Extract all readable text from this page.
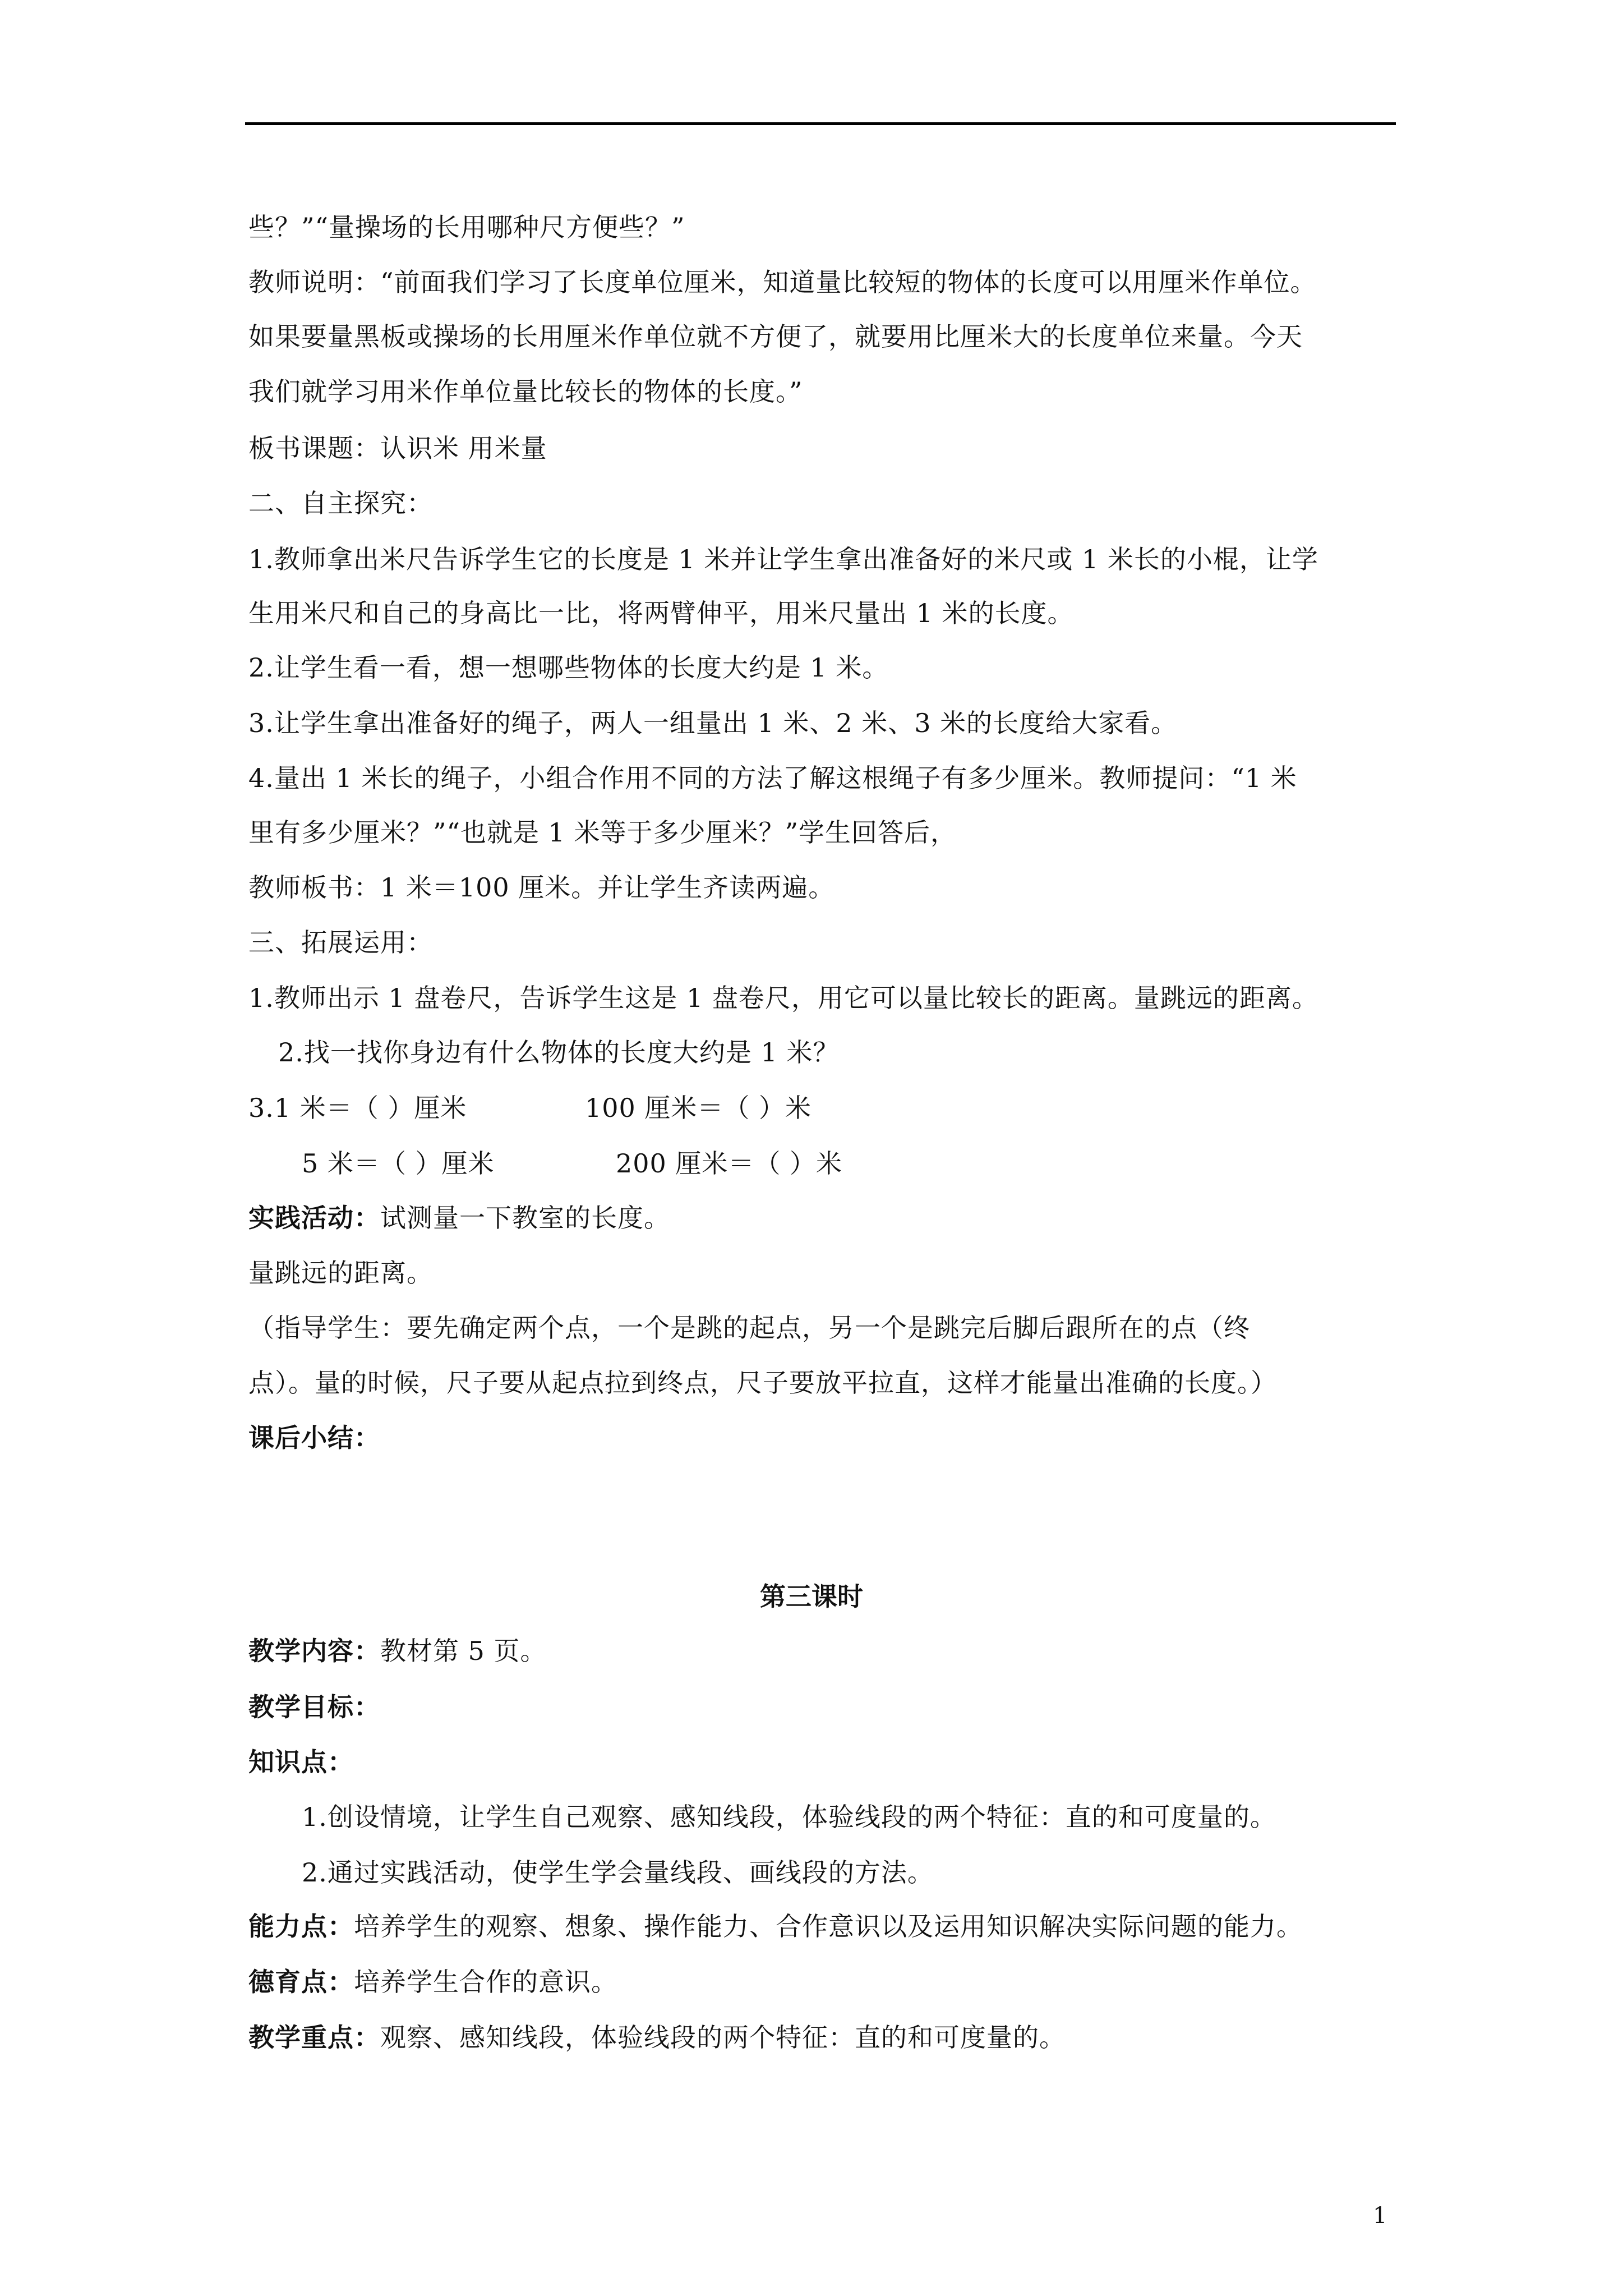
些？”“量操场的长用哪种尺方便些？”
教师说明：“前面我们学习了长度单位厘米，知道量比较短的物体的长度可以用厘米作单位。
如果要量黑板或操场的长用厘米作单位就不方便了，就要用比厘米大的长度单位来量。今天
我们就学习用米作单位量比较长的物体的长度。”
板书课题：认识米 用米量
二、自主探究：
1.教师拿出米尺告诉学生它的长度是 1 米并让学生拿出准备好的米尺或 1 米长的小棍，让学
生用米尺和自己的身高比一比，将两臂伸平，用米尺量出 1 米的长度。
2.让学生看一看，想一想哪些物体的长度大约是 1 米。
3.让学生拿出准备好的绳子，两人一组量出 1 米、2 米、3 米的长度给大家看。
4.量出 1 米长的绳子，小组合作用不同的方法了解这根绳子有多少厘米。教师提问：“1 米
里有多少厘米？”“也就是 1 米等于多少厘米？”学生回答后，
教师板书：1 米＝100 厘米。并让学生齐读两遍。
三、拓展运用：
1.教师出示 1 盘卷尺，告诉学生这是 1 盘卷尺，用它可以量比较长的距离。量跳远的距离。
2.找一找你身边有什么物体的长度大约是 1 米？
3.1 米＝（ ）厘米	100 厘米＝（ ）米
5 米＝（ ）厘米	200 厘米＝（ ）米
实践活动：试测量一下教室的长度。
量跳远的距离。
（指导学生：要先确定两个点，一个是跳的起点，另一个是跳完后脚后跟所在的点（终
点）。量的时候，尺子要从起点拉到终点，尺子要放平拉直，这样才能量出准确的长度。）
课后小结：
第三课时
教学内容：教材第 5 页。
教学目标：
知识点：
1.创设情境，让学生自己观察、感知线段，体验线段的两个特征：直的和可度量的。
2.通过实践活动，使学生学会量线段、画线段的方法。
能力点：培养学生的观察、想象、操作能力、合作意识以及运用知识解决实际问题的能力。
德育点：培养学生合作的意识。
教学重点：观察、感知线段，体验线段的两个特征：直的和可度量的。
1
